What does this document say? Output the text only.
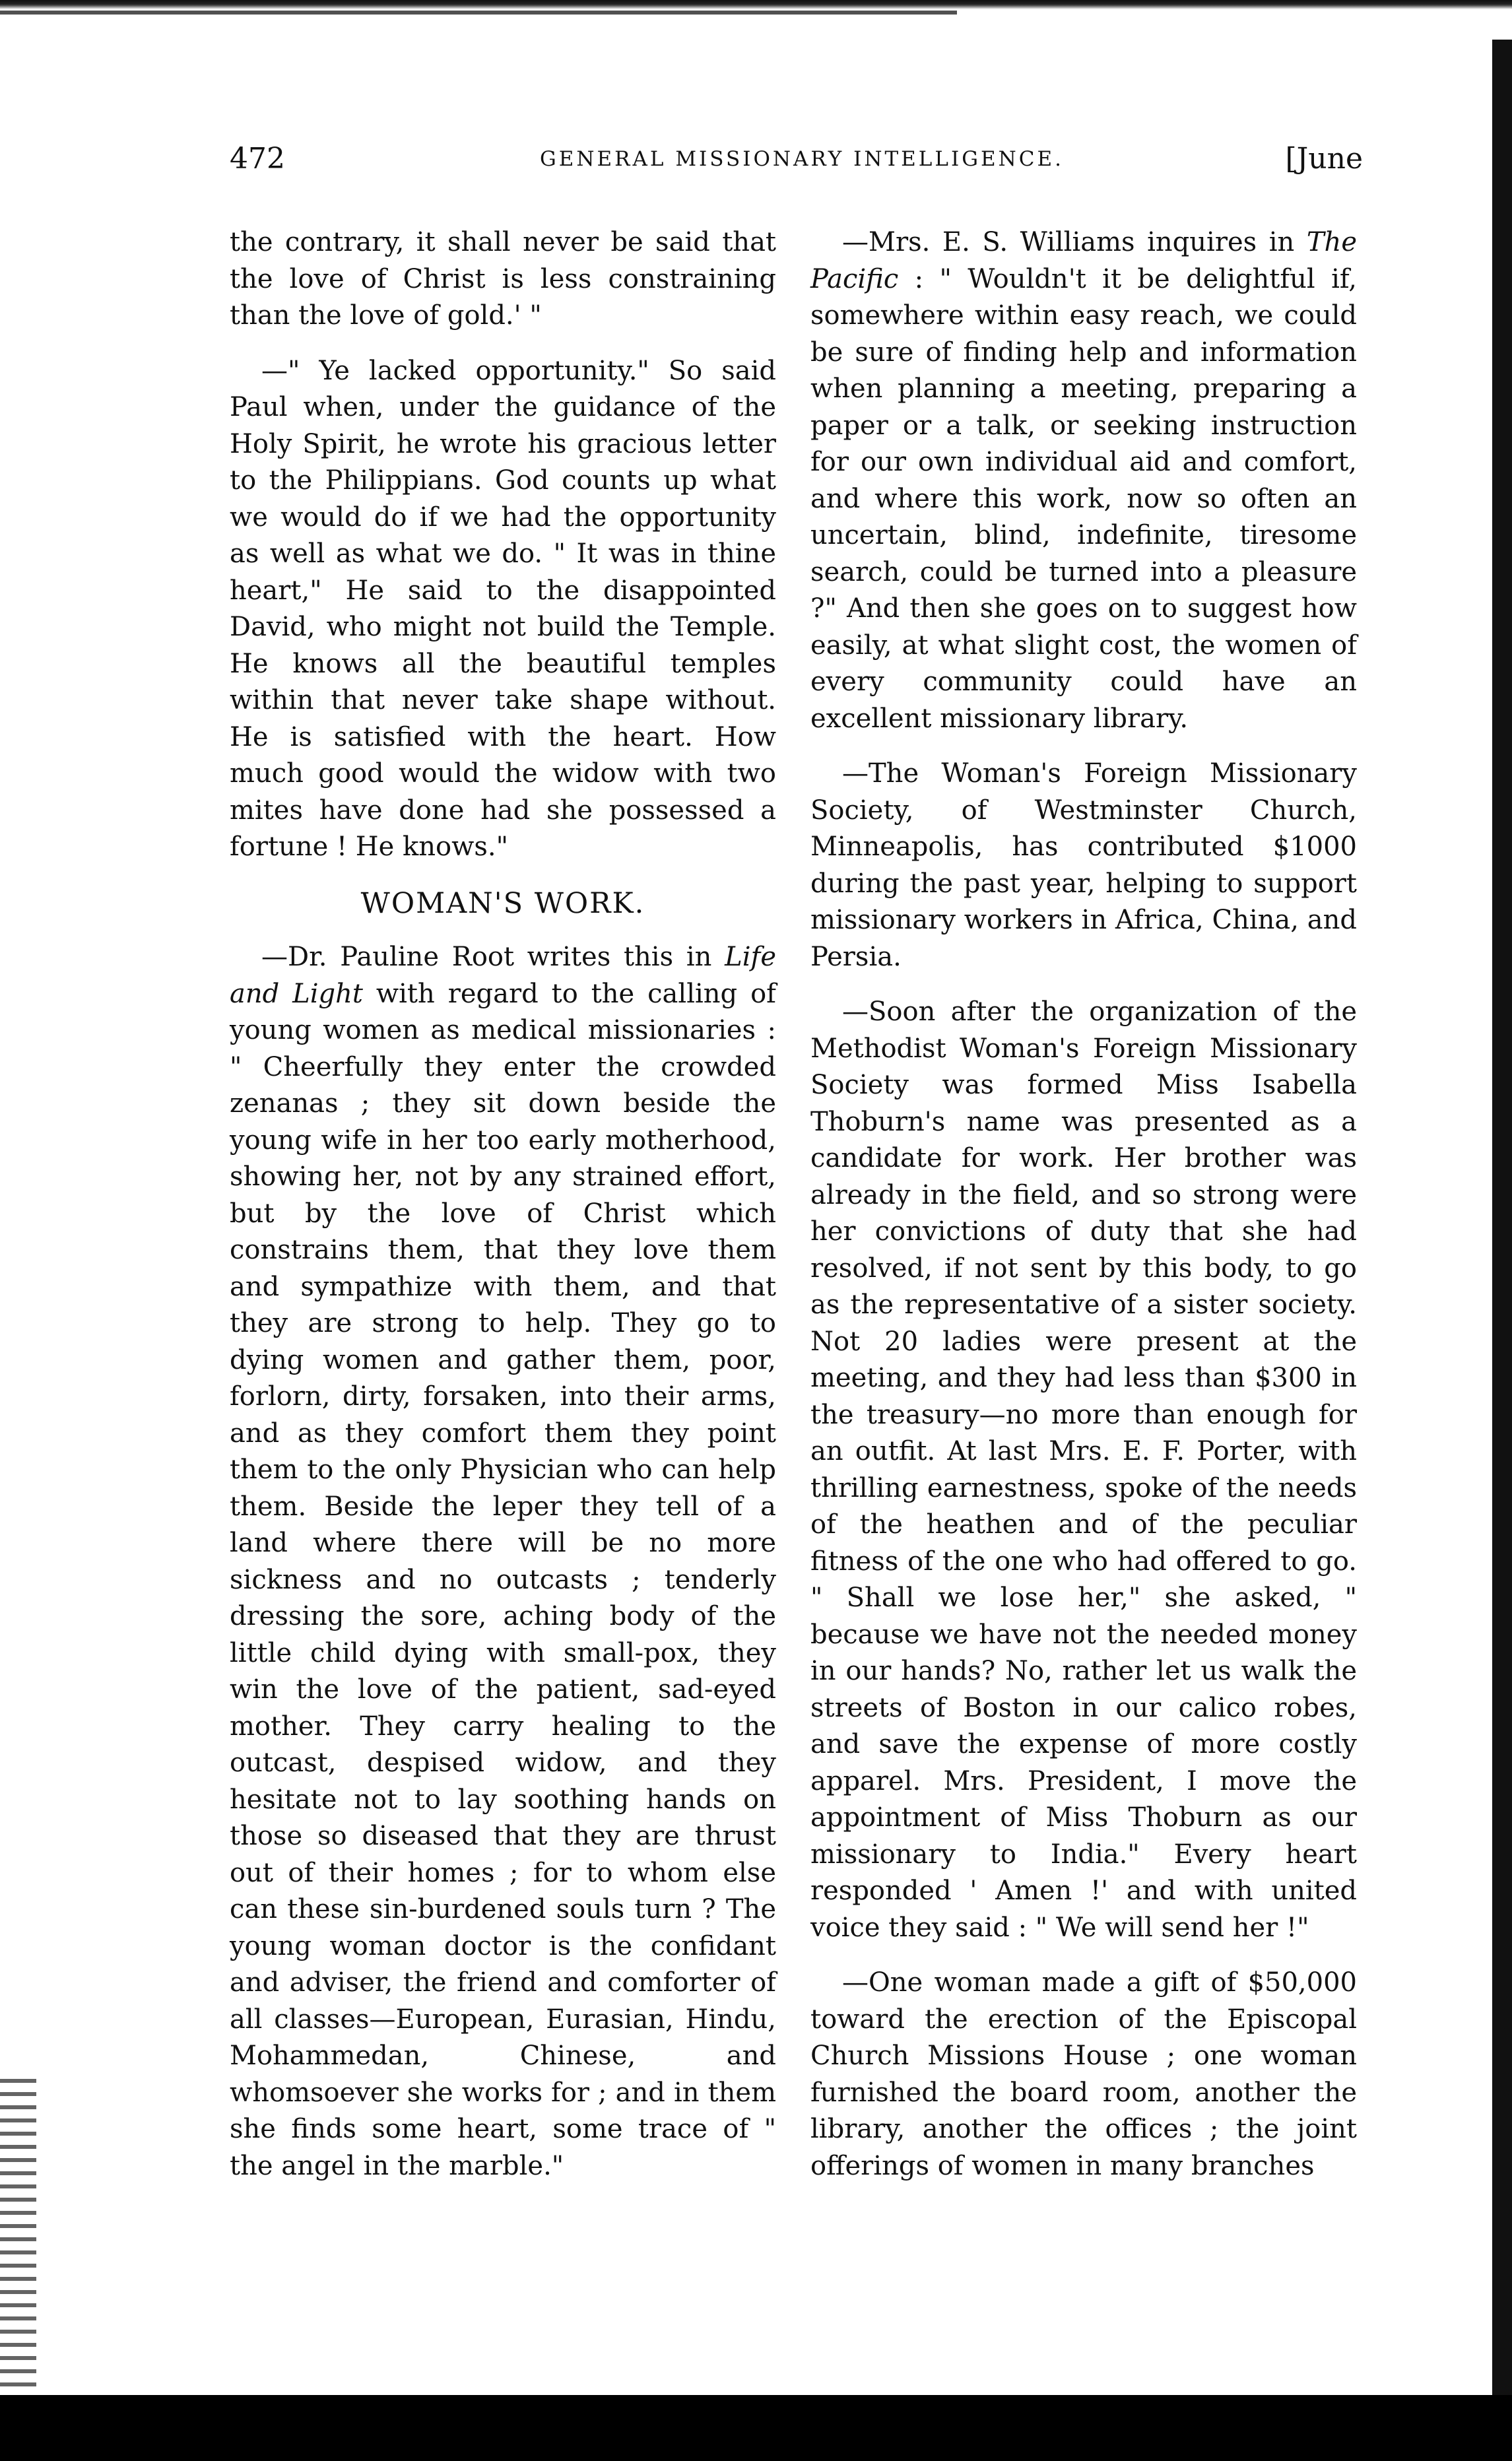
472	GENERAL MISSIONARY INTELLIGENCE.	[June

the contrary, it shall never be said that the love of Christ is less constraining than the love of gold.' "

—" Ye lacked opportunity." So said Paul when, under the guidance of the Holy Spirit, he wrote his gracious letter to the Philippians. God counts up what we would do if we had the opportunity as well as what we do. " It was in thine heart," He said to the disappointed David, who might not build the Temple. He knows all the beautiful temples within that never take shape without. He is satisfied with the heart. How much good would the widow with two mites have done had she possessed a fortune ! He knows."

WOMAN'S WORK.

—Dr. Pauline Root writes this in Life and Light with regard to the calling of young women as medical missionaries : " Cheerfully they enter the crowded zenanas ; they sit down beside the young wife in her too early motherhood, showing her, not by any strained effort, but by the love of Christ which constrains them, that they love them and sympathize with them, and that they are strong to help. They go to dying women and gather them, poor, forlorn, dirty, forsaken, into their arms, and as they comfort them they point them to the only Physician who can help them. Beside the leper they tell of a land where there will be no more sickness and no outcasts ; tenderly dressing the sore, aching body of the little child dying with small-pox, they win the love of the patient, sad-eyed mother. They carry healing to the outcast, despised widow, and they hesitate not to lay soothing hands on those so diseased that they are thrust out of their homes ; for to whom else can these sin-burdened souls turn ? The young woman doctor is the confidant and adviser, the friend and comforter of all classes—European, Eurasian, Hindu, Mohammedan, Chinese, and whomsoever she works for ; and in them she finds some heart, some trace of " the angel in the marble."

—Mrs. E. S. Williams inquires in The Pacific : " Wouldn't it be delightful if, somewhere within easy reach, we could be sure of finding help and information when planning a meeting, preparing a paper or a talk, or seeking instruction for our own individual aid and comfort, and where this work, now so often an uncertain, blind, indefinite, tiresome search, could be turned into a pleasure ?" And then she goes on to suggest how easily, at what slight cost, the women of every community could have an excellent missionary library.

—The Woman's Foreign Missionary Society, of Westminster Church, Minneapolis, has contributed $1000 during the past year, helping to support missionary workers in Africa, China, and Persia.

—Soon after the organization of the Methodist Woman's Foreign Missionary Society was formed Miss Isabella Thoburn's name was presented as a candidate for work. Her brother was already in the field, and so strong were her convictions of duty that she had resolved, if not sent by this body, to go as the representative of a sister society. Not 20 ladies were present at the meeting, and they had less than $300 in the treasury—no more than enough for an outfit. At last Mrs. E. F. Porter, with thrilling earnestness, spoke of the needs of the heathen and of the peculiar fitness of the one who had offered to go. " Shall we lose her," she asked, " because we have not the needed money in our hands? No, rather let us walk the streets of Boston in our calico robes, and save the expense of more costly apparel. Mrs. President, I move the appointment of Miss Thoburn as our missionary to India." Every heart responded ' Amen !' and with united voice they said : " We will send her !"

—One woman made a gift of $50,000 toward the erection of the Episcopal Church Missions House ; one woman furnished the board room, another the library, another the offices ; the joint offerings of women in many branches
